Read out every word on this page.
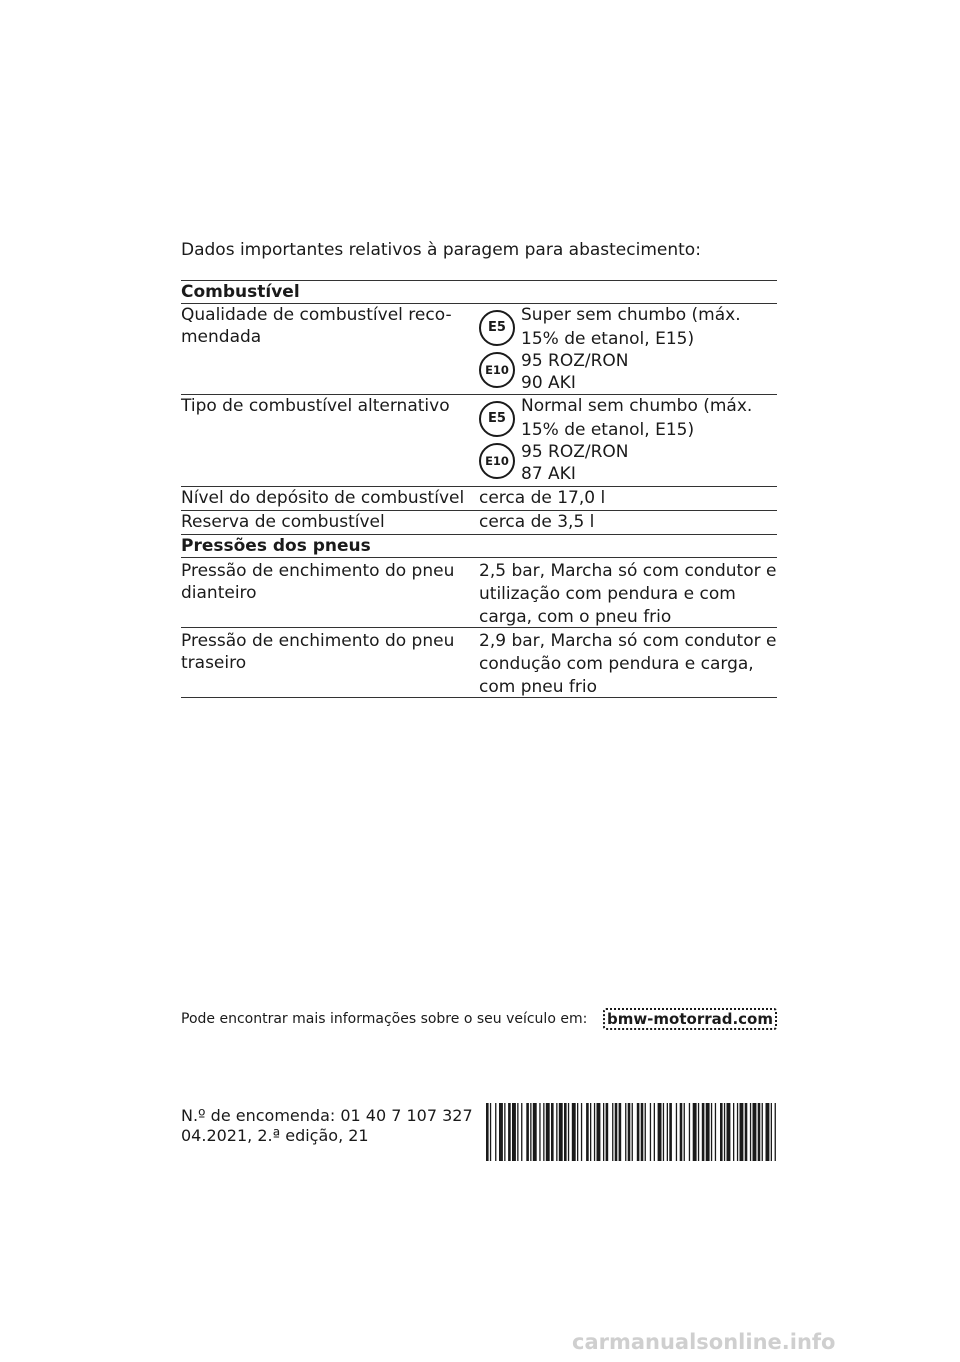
Dados importantes relativos à paragem para abastecimento:

Combustível
Qualidade de combustível reco-mendada	E5
E10
Super sem chumbo (máx.
15% de etanol, E15)
95 ROZ/RON
90 AKI
Tipo de combustível alternativo
E5
E10
Normal sem chumbo (máx.
15% de etanol, E15)
95 ROZ/RON
87 AKI
Nível do depósito de combustível cerca de 17,0 l
Reserva de combustível	cerca de 3,5 l
Pressões dos pneus
Pressão de enchimento do pneu dianteiro
2,5 bar, Marcha só com condutor e utilização com pendura e com carga, com o pneu frio
Pressão de enchimento do pneu traseiro
2,9 bar, Marcha só com condutor e condução com pendura e carga, com pneu frio
Pode encontrar mais informações sobre o seu veículo em: bmw-motorrad.com
N.º de encomenda: 01 40 7 107 327
04.2021, 2.ª edição, 21
carmanualsonline.info
